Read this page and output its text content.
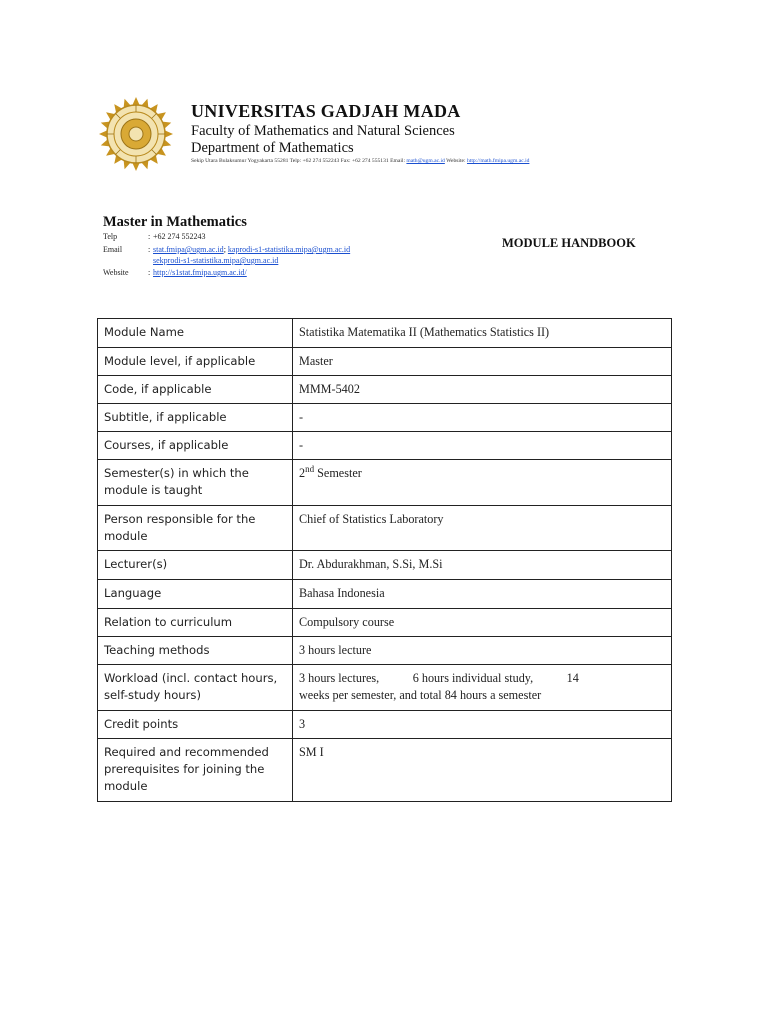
UNIVERSITAS GADJAH MADA
Faculty of Mathematics and Natural Sciences
Department of Mathematics
Sekip Utara Bulaksumur Yogyakarta 55281 Telp: +62 274 552243 Fax: +62 274 555131 Email: math@ugm.ac.id Website: http://math.fmipa.ugm.ac.id
Master in Mathematics
Telp	: +62 274 552243
Email	: stat.fmipa@ugm.ac.id; kaprodi-s1-statistika.mipa@ugm.ac.id
sekprodi-s1-statistika.mipa@ugm.ac.id
Website : http://s1stat.fmipa.ugm.ac.id/
MODULE HANDBOOK
Module Name	Statistika Matematika II (Mathematics Statistics II)
Module level, if applicable	Master
Code, if applicable	MMM-5402
Subtitle, if applicable	-
Courses, if applicable	-
Semester(s) in which the module is taught	2nd Semester
Person responsible for the module	Chief of Statistics Laboratory
Lecturer(s)	Dr. Abdurakhman, S.Si, M.Si
Language	Bahasa Indonesia
Relation to curriculum	Compulsory course
Teaching methods	3 hours lecture
Workload (incl. contact hours, self-study hours)	3 hours lectures,           6 hours individual study,           14
weeks per semester, and total 84 hours a semester

Credit points	3
Required and recommended prerequisites for joining the module	SM I
